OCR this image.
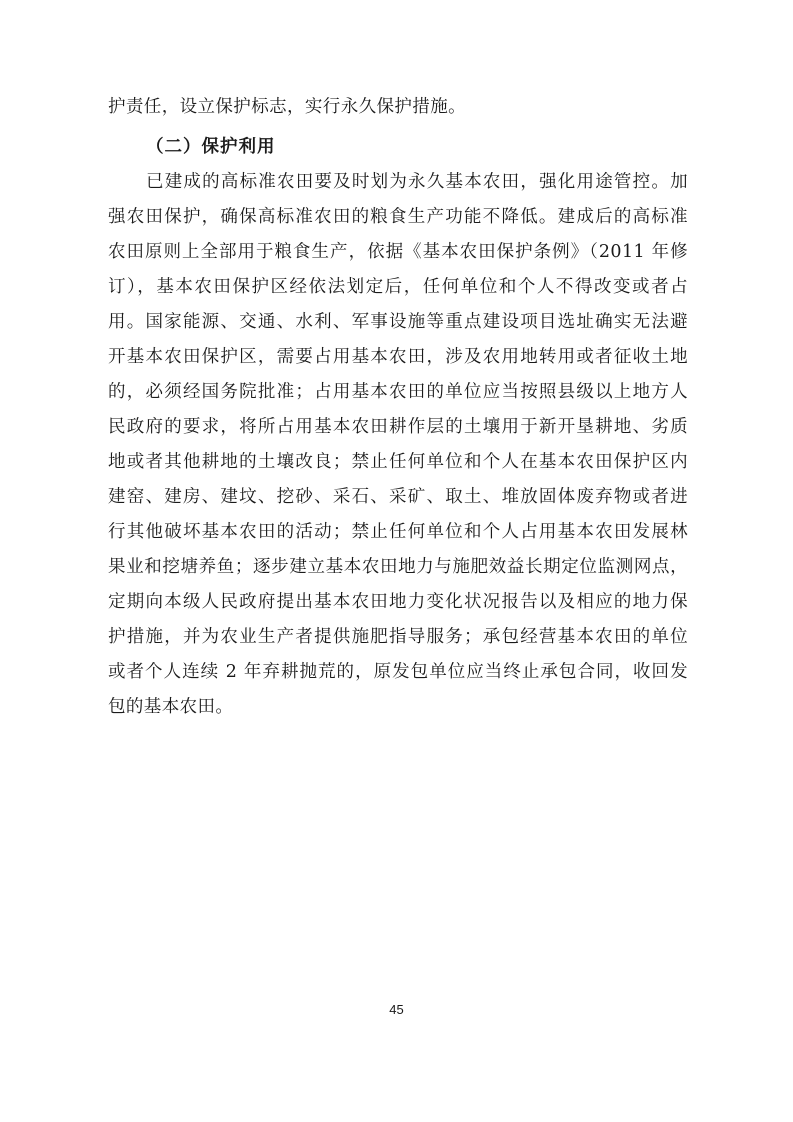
护责任，设立保护标志，实行永久保护措施。
（二）保护利用
已建成的高标准农田要及时划为永久基本农田，强化用途管控。加
强农田保护，确保高标准农田的粮食生产功能不降低。建成后的高标准
农田原则上全部用于粮食生产，依据《基本农田保护条例》（2011 年修
订），基本农田保护区经依法划定后，任何单位和个人不得改变或者占
用。国家能源、交通、水利、军事设施等重点建设项目选址确实无法避
开基本农田保护区，需要占用基本农田，涉及农用地转用或者征收土地
的，必须经国务院批准；占用基本农田的单位应当按照县级以上地方人
民政府的要求，将所占用基本农田耕作层的土壤用于新开垦耕地、劣质
地或者其他耕地的土壤改良；禁止任何单位和个人在基本农田保护区内
建窑、建房、建坟、挖砂、采石、采矿、取土、堆放固体废弃物或者进
行其他破坏基本农田的活动；禁止任何单位和个人占用基本农田发展林
果业和挖塘养鱼；逐步建立基本农田地力与施肥效益长期定位监测网点，
定期向本级人民政府提出基本农田地力变化状况报告以及相应的地力保
护措施，并为农业生产者提供施肥指导服务；承包经营基本农田的单位
或者个人连续 2 年弃耕抛荒的，原发包单位应当终止承包合同，收回发
包的基本农田。
45
